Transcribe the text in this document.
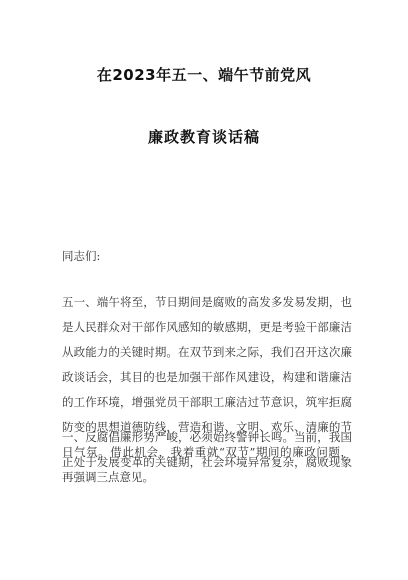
在2023年五一、端午节前党风
廉政教育谈话稿
同志们:
五一、端午将至，节日期间是腐败的高发多发易发期，也
是人民群众对干部作风感知的敏感期，更是考验干部廉洁
从政能力的关键时期。在双节到来之际，我们召开这次廉
政谈话会，其目的也是加强干部作风建设，构建和谐廉洁
的工作环境，增强党员干部职工廉洁过节意识，筑牢拒腐
防变的思想道德防线，营造和谐、文明、欢乐、清廉的节
日气氛。借此机会，我着重就“双节”期间的廉政问题，
再强调三点意见。
一、反腐倡廉形势严峻，必须始终警钟长鸣。当前，我国
正处于发展变革的关键期，社会环境异常复杂，腐败现象
